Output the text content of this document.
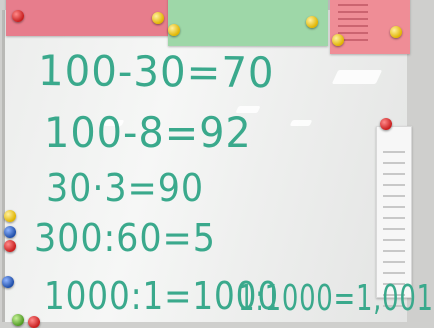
100-30=70

100-8=92

30·3=90

300:60=5

1000:1=1000

1:1000=1,001
